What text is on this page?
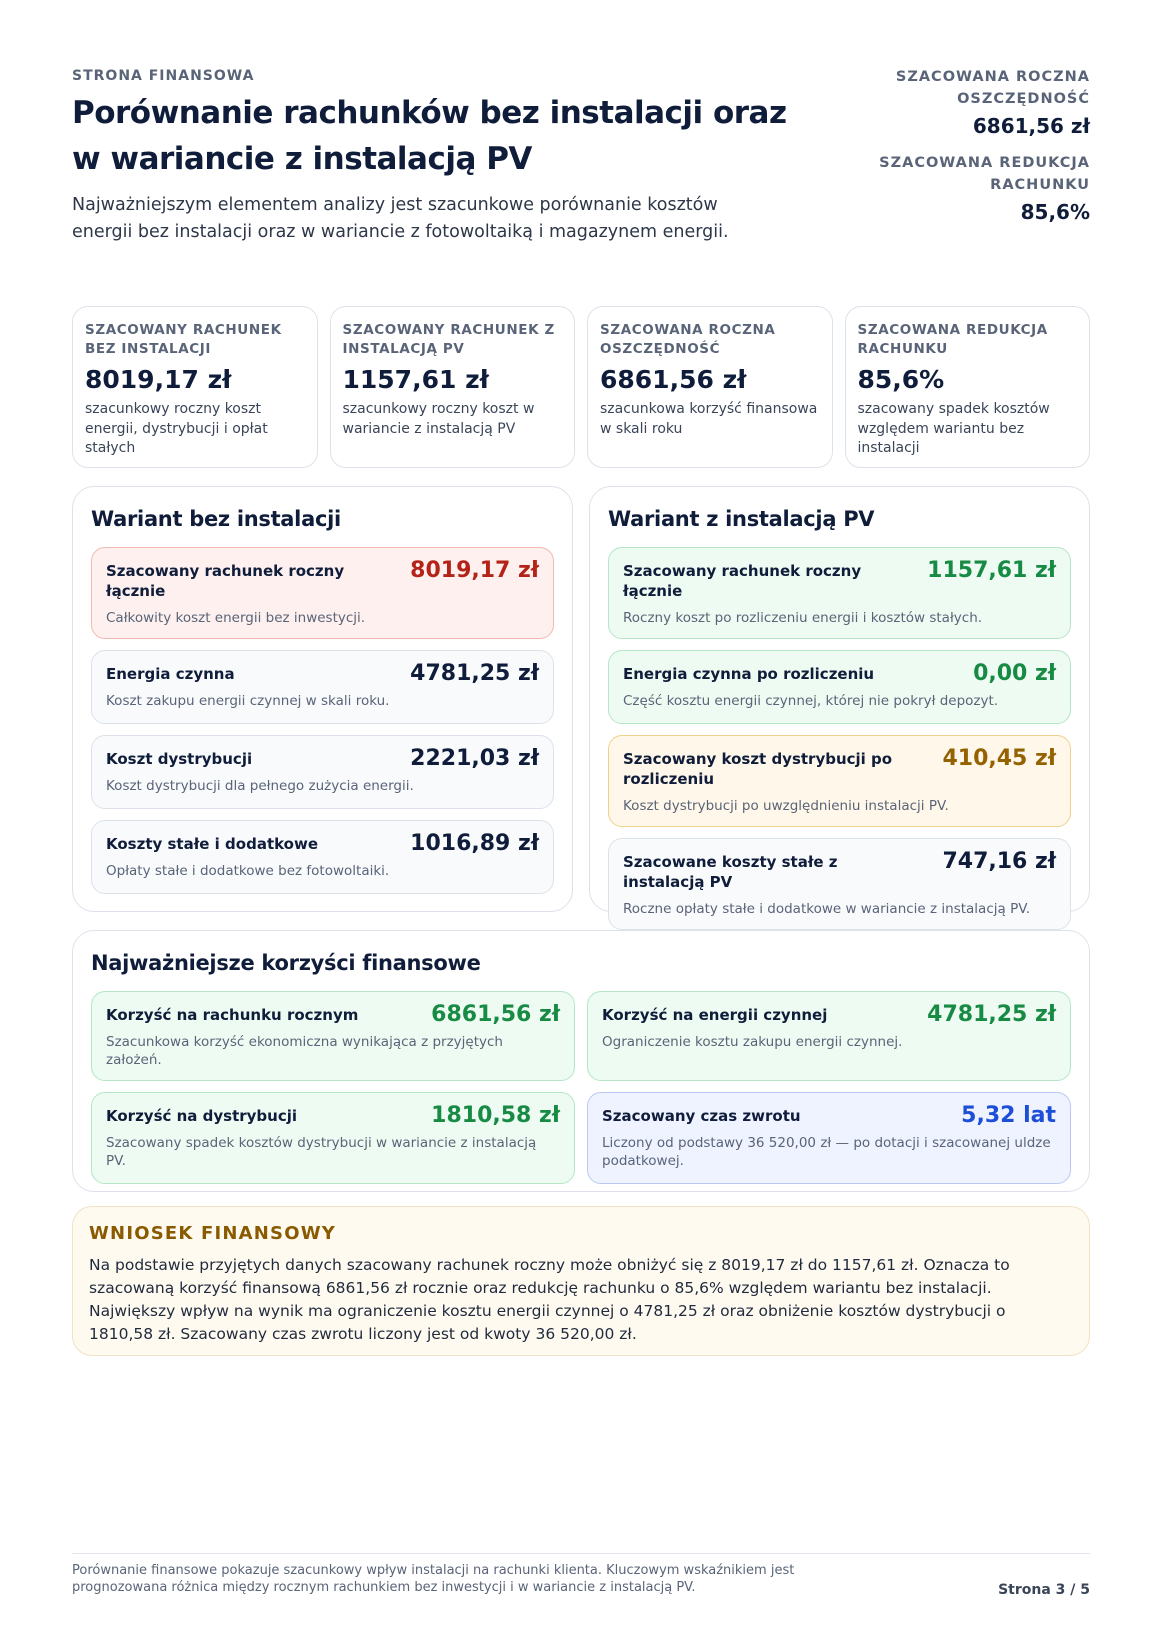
STRONA FINANSOWA
Porównanie rachunków bez instalacji oraz w wariancie z instalacją PV
Najważniejszym elementem analizy jest szacunkowe porównanie kosztów energii bez instalacji oraz w wariancie z fotowoltaiką i magazynem energii.
SZACOWANA ROCZNA OSZCZĘDNOŚĆ
6861,56 zł
SZACOWANA REDUKCJA RACHUNKU
85,6%
SZACOWANY RACHUNEK BEZ INSTALACJI
8019,17 zł
szacunkowy roczny koszt energii, dystrybucji i opłat stałych
SZACOWANY RACHUNEK Z INSTALACJĄ PV
1157,61 zł
szacunkowy roczny koszt w wariancie z instalacją PV
SZACOWANA ROCZNA OSZCZĘDNOŚĆ
6861,56 zł
szacunkowa korzyść finansowa w skali roku
SZACOWANA REDUKCJA RACHUNKU
85,6%
szacowany spadek kosztów względem wariantu bez instalacji
Wariant bez instalacji
Szacowany rachunek roczny łącznie
8019,17 zł
Całkowity koszt energii bez inwestycji.
Energia czynna	4781,25 zł
Koszt zakupu energii czynnej w skali roku.
Koszt dystrybucji	2221,03 zł
Koszt dystrybucji dla pełnego zużycia energii.
Koszty stałe i dodatkowe	1016,89 zł
Opłaty stałe i dodatkowe bez fotowoltaiki.
Wariant z instalacją PV
Szacowany rachunek roczny łącznie
1157,61 zł
Roczny koszt po rozliczeniu energii i kosztów stałych.
Energia czynna po rozliczeniu	0,00 zł
Część kosztu energii czynnej, której nie pokrył depozyt.
Szacowany koszt dystrybucji po rozliczeniu
410,45 zł
Koszt dystrybucji po uwzględnieniu instalacji PV.
Szacowane koszty stałe z instalacją PV
747,16 zł
Roczne opłaty stałe i dodatkowe w wariancie z instalacją PV.
Najważniejsze korzyści finansowe
Korzyść na rachunku rocznym	6861,56 zł
Szacunkowa korzyść ekonomiczna wynikająca z przyjętych założeń.
Korzyść na energii czynnej	4781,25 zł
Ograniczenie kosztu zakupu energii czynnej.
Korzyść na dystrybucji	1810,58 zł
Szacowany spadek kosztów dystrybucji w wariancie z instalacją PV.
Szacowany czas zwrotu	5,32 lat
Liczony od podstawy 36 520,00 zł — po dotacji i szacowanej uldze podatkowej.
WNIOSEK FINANSOWY
Na podstawie przyjętych danych szacowany rachunek roczny może obniżyć się z 8019,17 zł do 1157,61 zł. Oznacza to szacowaną korzyść finansową 6861,56 zł rocznie oraz redukcję rachunku o 85,6% względem wariantu bez instalacji. Największy wpływ na wynik ma ograniczenie kosztu energii czynnej o 4781,25 zł oraz obniżenie kosztów dystrybucji o 1810,58 zł. Szacowany czas zwrotu liczony jest od kwoty 36 520,00 zł.
Porównanie finansowe pokazuje szacunkowy wpływ instalacji na rachunki klienta. Kluczowym wskaźnikiem jest prognozowana różnica między rocznym rachunkiem bez inwestycji i w wariancie z instalacją PV.	Strona 3 / 5
